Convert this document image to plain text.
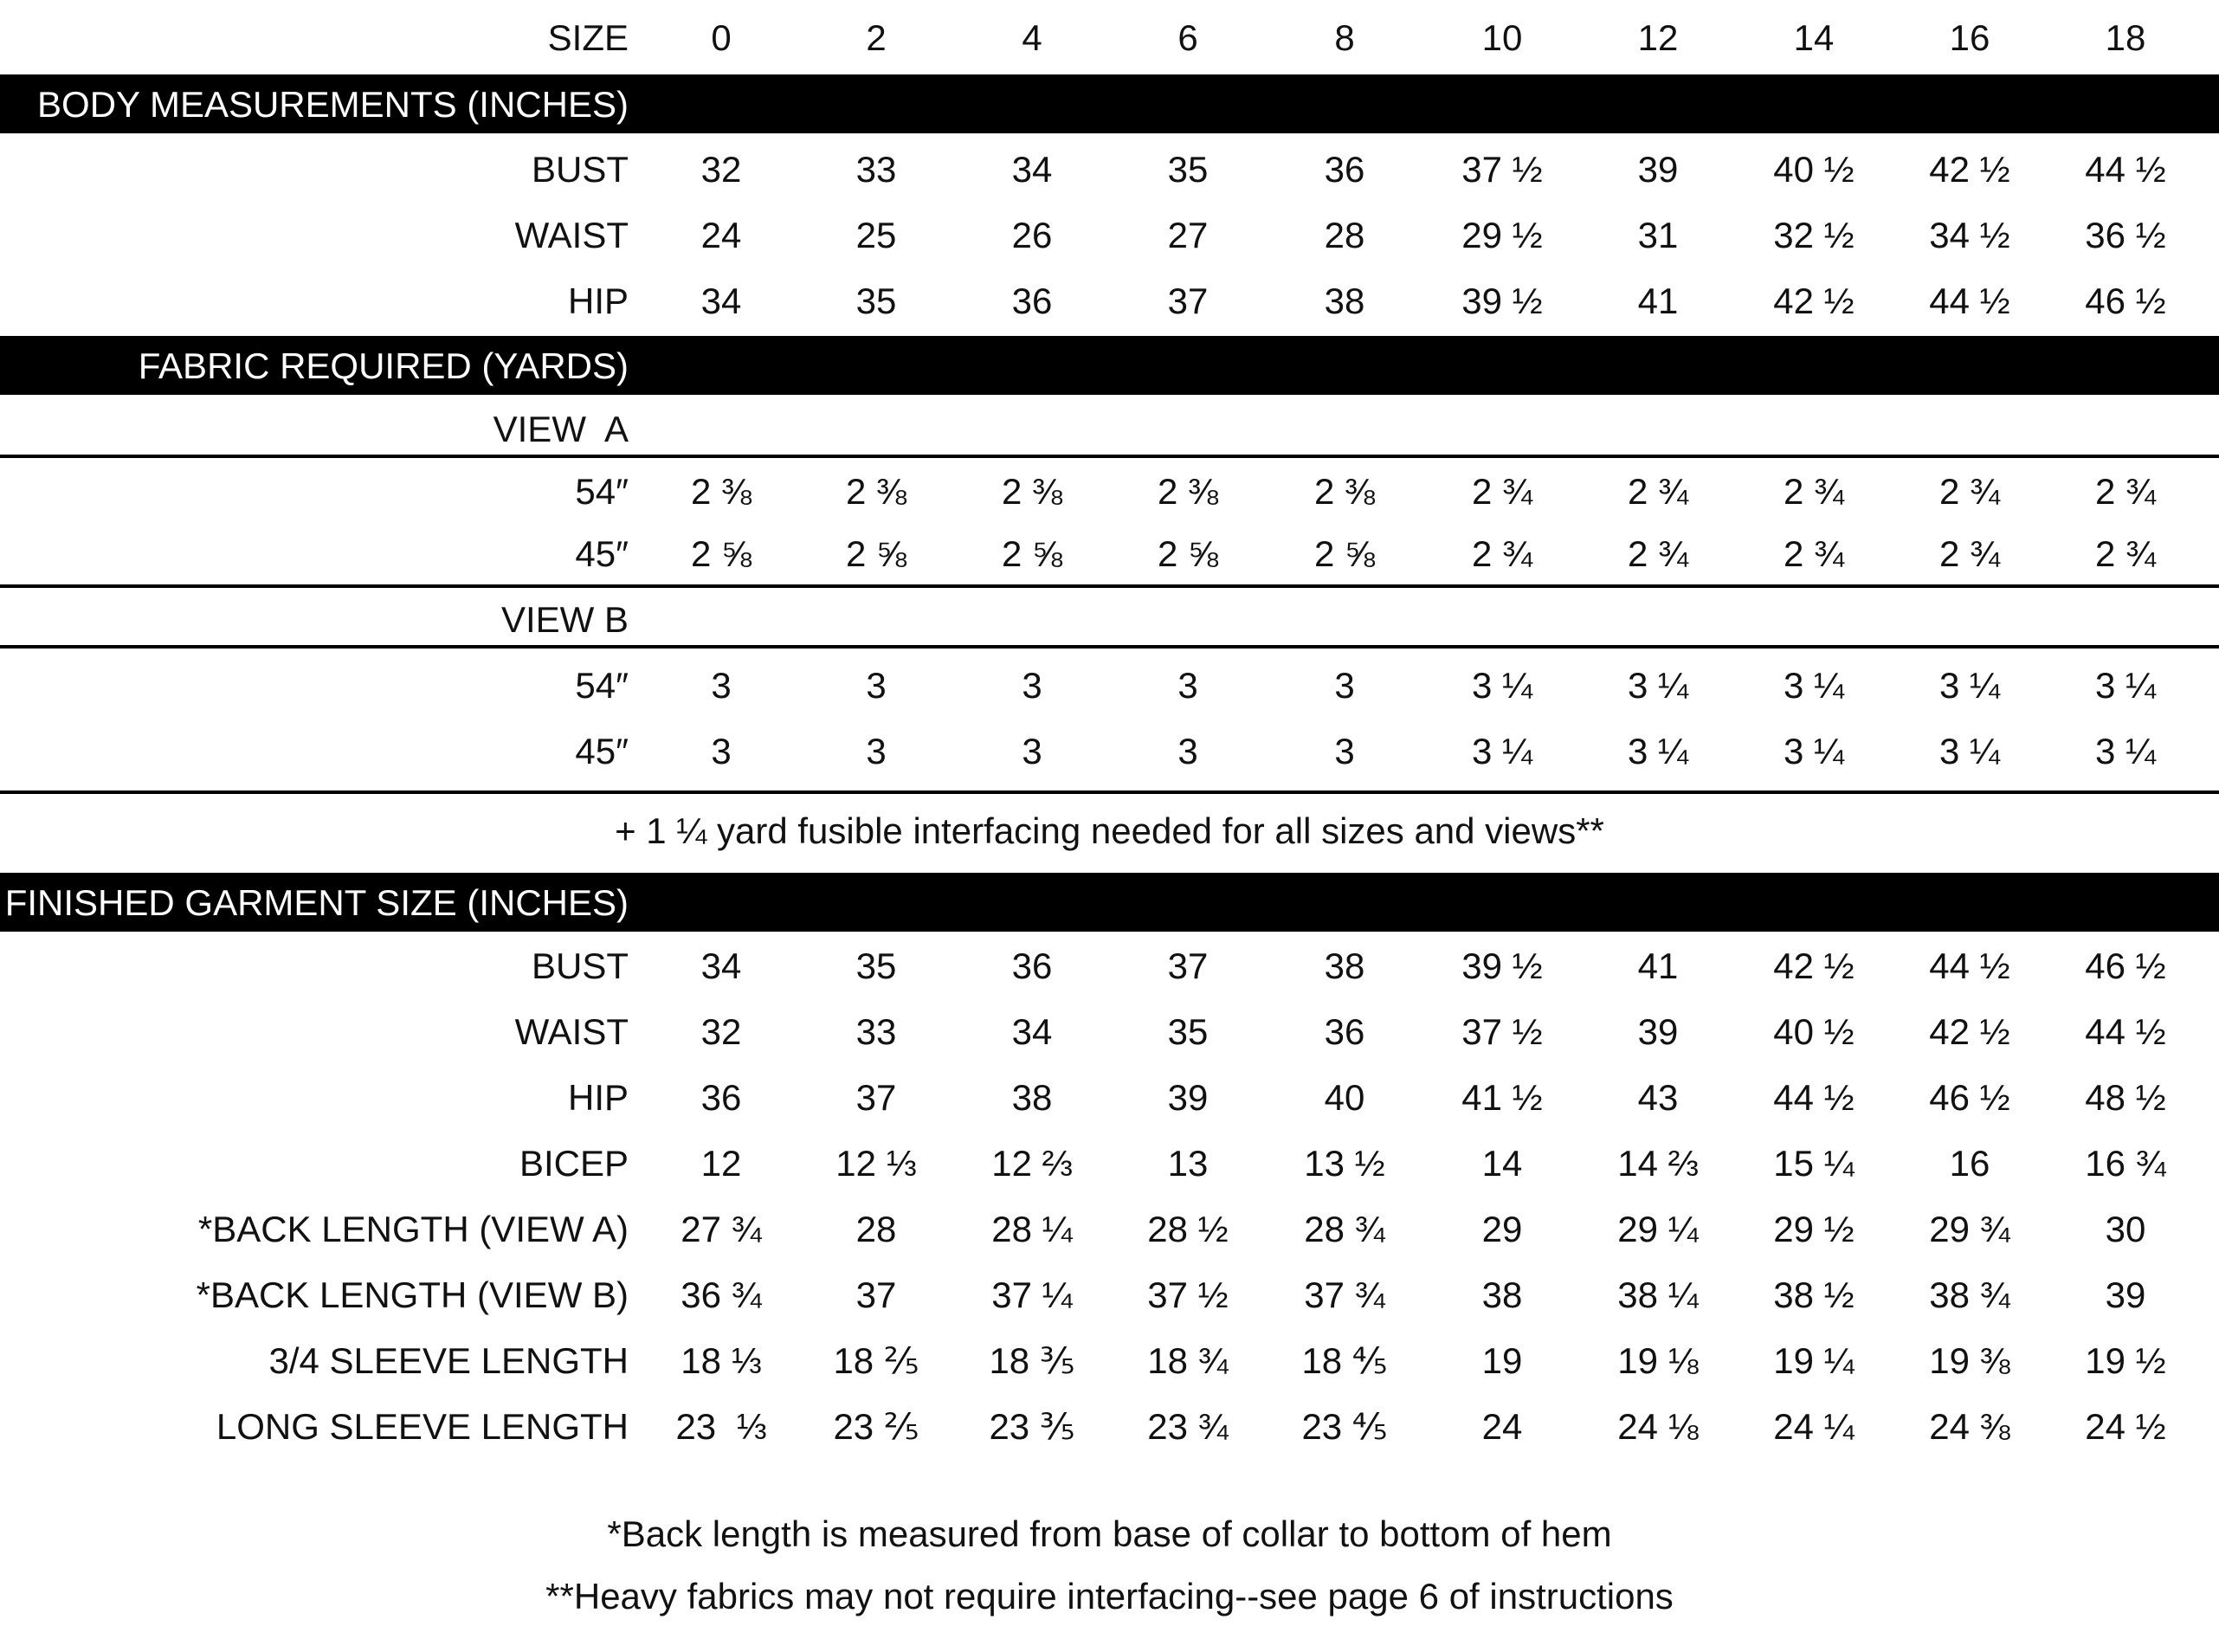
SIZE	0	2	4	6	8	10	12	14	16	18
BODY MEASUREMENTS (INCHES)
BUST	32	33	34	35	36	37 ½	39	40 ½	42 ½	44 ½
WAIST	24	25	26	27	28	29 ½	31	32 ½	34 ½	36 ½
HIP	34	35	36	37	38	39 ½	41	42 ½	44 ½	46 ½
FABRIC REQUIRED (YARDS)
VIEW  A
54″	2 ⅜	2 ⅜	2 ⅜	2 ⅜	2 ⅜	2 ¾	2 ¾	2 ¾	2 ¾	2 ¾
45″	2 ⅝	2 ⅝	2 ⅝	2 ⅝	2 ⅝	2 ¾	2 ¾	2 ¾	2 ¾	2 ¾
VIEW B
54″	3	3	3	3	3	3 ¼	3 ¼	3 ¼	3 ¼	3 ¼
45″	3	3	3	3	3	3 ¼	3 ¼	3 ¼	3 ¼	3 ¼
+ 1 ¼ yard fusible interfacing needed for all sizes and views**
FINISHED GARMENT SIZE (INCHES)
BUST	34	35	36	37	38	39 ½	41	42 ½	44 ½	46 ½
WAIST	32	33	34	35	36	37 ½	39	40 ½	42 ½	44 ½
HIP	36	37	38	39	40	41 ½	43	44 ½	46 ½	48 ½
BICEP	12	12 ⅓	12 ⅔	13	13 ½	14	14 ⅔	15 ¼	16	16 ¾
*BACK LENGTH (VIEW A)	27 ¾	28	28 ¼	28 ½	28 ¾	29	29 ¼	29 ½	29 ¾	30
*BACK LENGTH (VIEW B)	36 ¾	37	37 ¼	37 ½	37 ¾	38	38 ¼	38 ½	38 ¾	39
3/4 SLEEVE LENGTH	18 ⅓	18 ⅖	18 ⅗	18 ¾	18 ⅘	19	19 ⅛	19 ¼	19 ⅜	19 ½
LONG SLEEVE LENGTH	23  ⅓	23 ⅖	23 ⅗	23 ¾	23 ⅘	24	24 ⅛	24 ¼	24 ⅜	24 ½
*Back length is measured from base of collar to bottom of hem
**Heavy fabrics may not require interfacing--see page 6 of instructions
